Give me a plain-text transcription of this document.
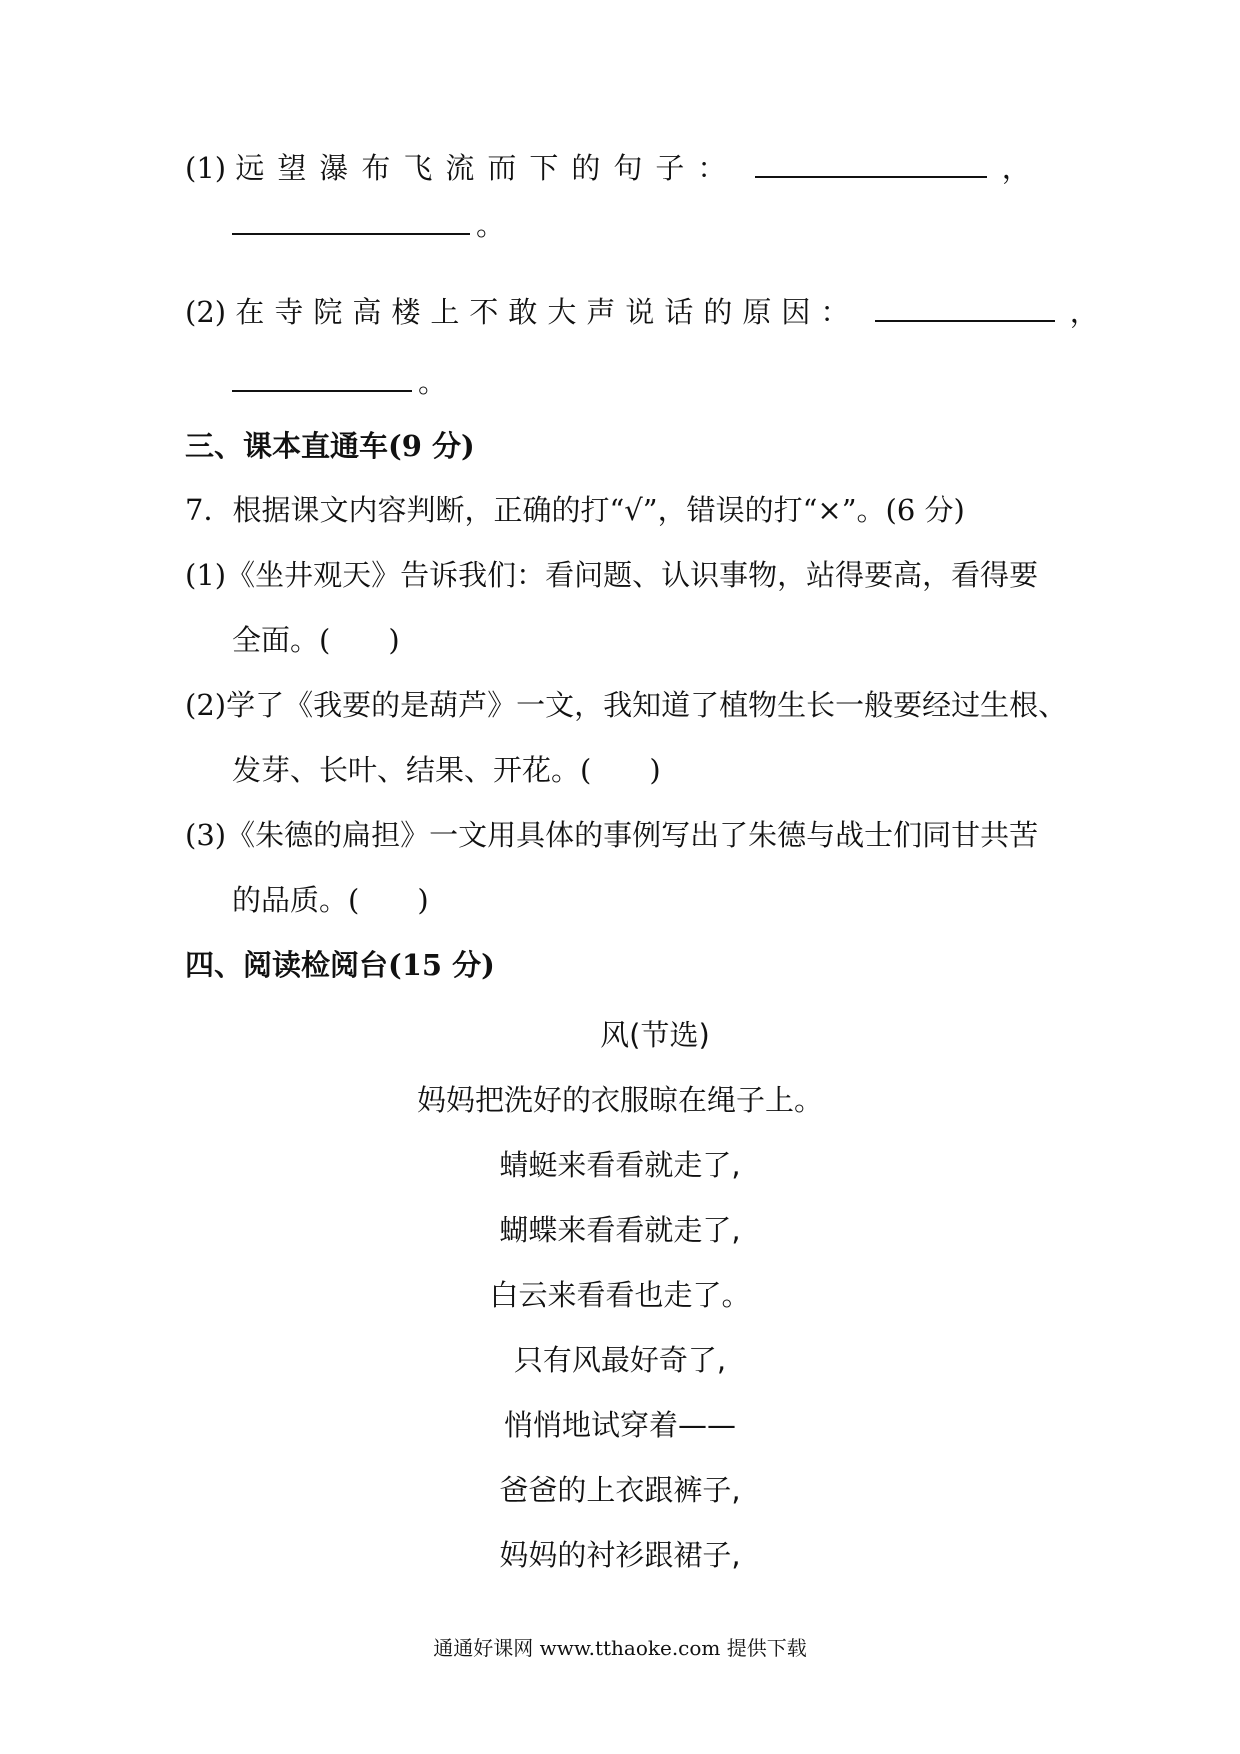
(1) 远望瀑布飞流而下的句子：	，
。
(2) 在寺院高楼上不敢大声说话的原因：	，
。
三、课本直通车(9 分)
7．根据课文内容判断，正确的打“√”，错误的打“×”。(6 分)
(1)《坐井观天》告诉我们：看问题、认识事物，站得要高，看得要
全面。(　　)
(2)学了《我要的是葫芦》一文，我知道了植物生长一般要经过生根、
发芽、长叶、结果、开花。(　　)
(3)《朱德的扁担》一文用具体的事例写出了朱德与战士们同甘共苦
的品质。(　　)
四、阅读检阅台(15 分)
风(节选)
妈妈把洗好的衣服晾在绳子上。
蜻蜓来看看就走了,
蝴蝶来看看就走了,
白云来看看也走了。
只有风最好奇了,
悄悄地试穿着——
爸爸的上衣跟裤子,
妈妈的衬衫跟裙子,
通通好课网 www.tthaoke.com 提供下载
